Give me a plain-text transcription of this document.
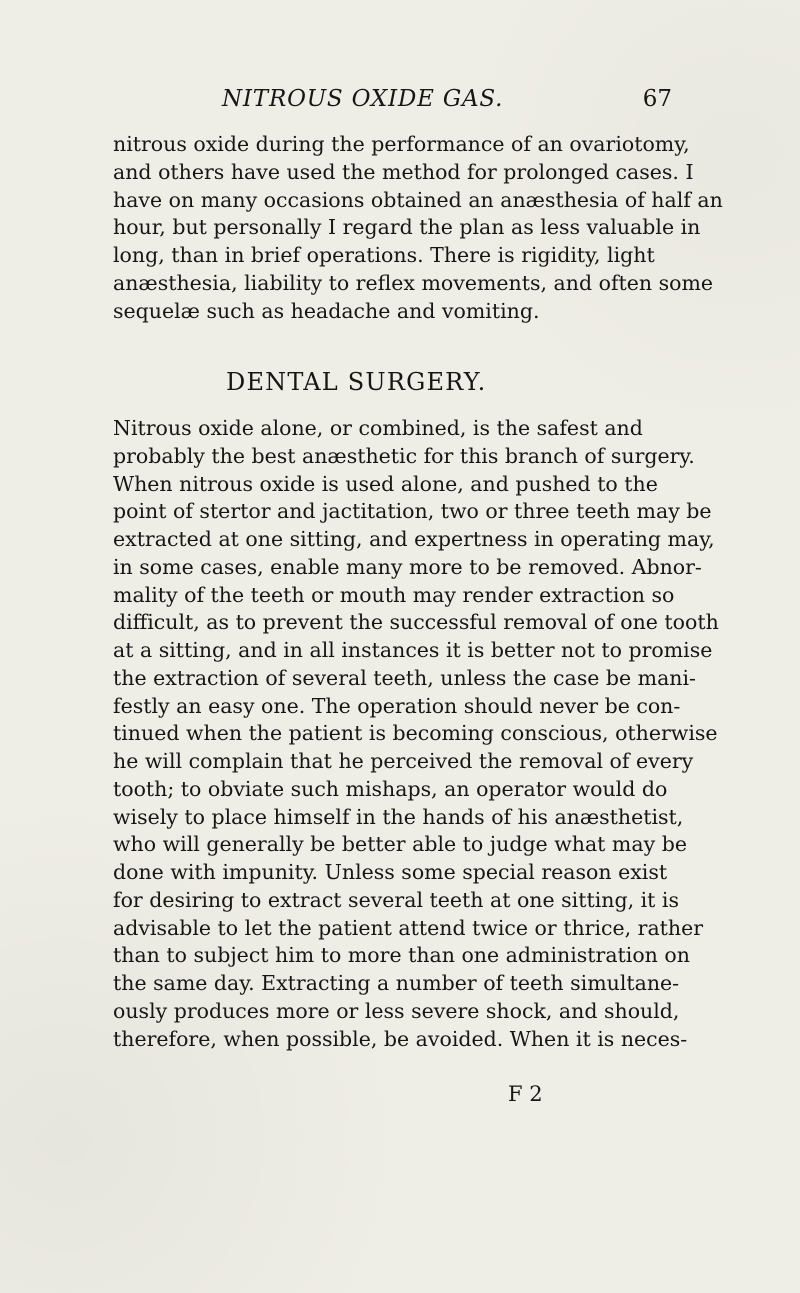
NITROUS OXIDE GAS.	67
nitrous oxide during the performance of an ovariotomy,
and others have used the method for prolonged cases. I
have on many occasions obtained an anæsthesia of half an
hour, but personally I regard the plan as less valuable in
long, than in brief operations. There is rigidity, light
anæsthesia, liability to reflex movements, and often some
sequelæ such as headache and vomiting.
DENTAL SURGERY.
Nitrous oxide alone, or combined, is the safest and
probably the best anæsthetic for this branch of surgery.
When nitrous oxide is used alone, and pushed to the
point of stertor and jactitation, two or three teeth may be
extracted at one sitting, and expertness in operating may,
in some cases, enable many more to be removed. Abnor-
mality of the teeth or mouth may render extraction so
difficult, as to prevent the successful removal of one tooth
at a sitting, and in all instances it is better not to promise
the extraction of several teeth, unless the case be mani-
festly an easy one. The operation should never be con-
tinued when the patient is becoming conscious, otherwise
he will complain that he perceived the removal of every
tooth; to obviate such mishaps, an operator would do
wisely to place himself in the hands of his anæsthetist,
who will generally be better able to judge what may be
done with impunity. Unless some special reason exist
for desiring to extract several teeth at one sitting, it is
advisable to let the patient attend twice or thrice, rather
than to subject him to more than one administration on
the same day. Extracting a number of teeth simultane-
ously produces more or less severe shock, and should,
therefore, when possible, be avoided. When it is neces-
F 2
